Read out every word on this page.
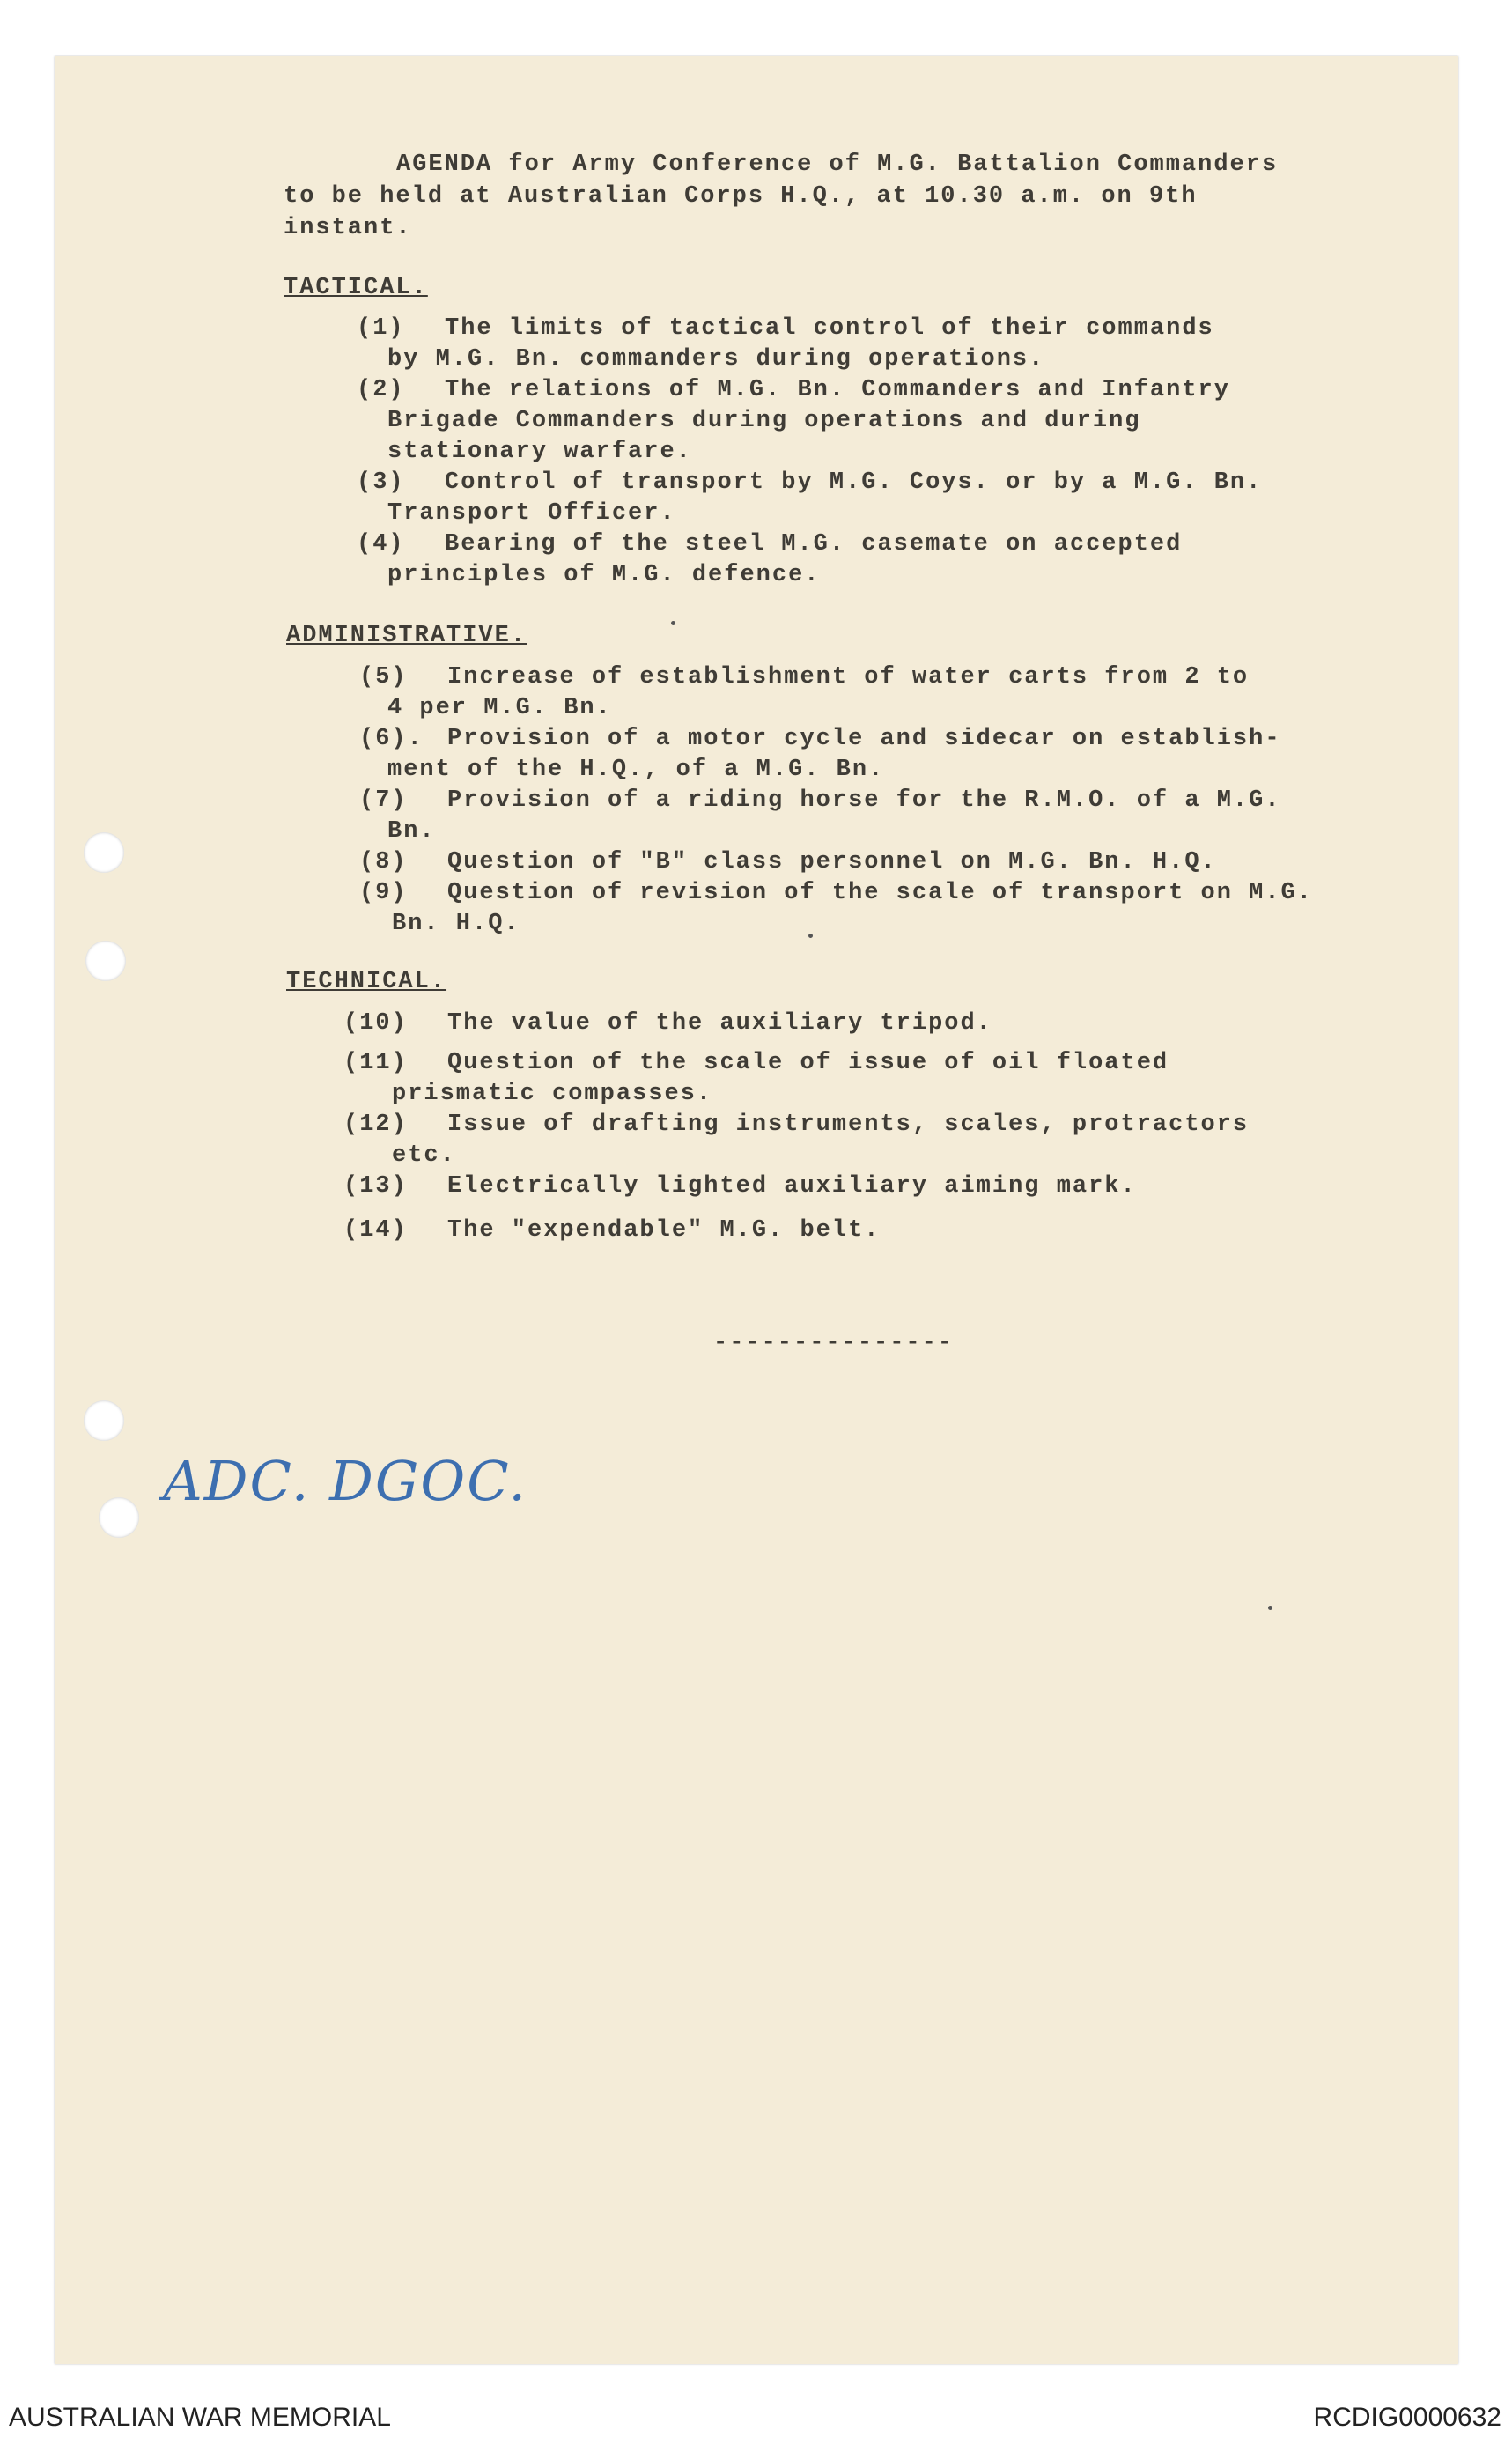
AGENDA for Army Conference of M.G. Battalion Commanders
to be held at Australian Corps H.Q., at 10.30 a.m. on 9th
instant.
TACTICAL.
(1) The limits of tactical control of their commands
by M.G. Bn. commanders during operations.
(2) The relations of M.G. Bn. Commanders and Infantry
Brigade Commanders during operations and during
stationary warfare.
(3) Control of transport by M.G. Coys. or by a M.G. Bn.
Transport Officer.
(4) Bearing of the steel M.G. casemate on accepted
principles of M.G. defence.
ADMINISTRATIVE.
(5) Increase of establishment of water carts from 2 to
4 per M.G. Bn.
(6). Provision of a motor cycle and sidecar on establish-
ment of the H.Q., of a M.G. Bn.
(7) Provision of a riding horse for the R.M.O. of a M.G.
Bn.
(8) Question of "B" class personnel on M.G. Bn. H.Q.
(9) Question of revision of the scale of transport on M.G.
Bn. H.Q.
TECHNICAL.
(10) The value of the auxiliary tripod.
(11) Question of the scale of issue of oil floated
prismatic compasses.
(12) Issue of drafting instruments, scales, protractors
etc.
(13) Electrically lighted auxiliary aiming mark.
(14) The "expendable" M.G. belt.
---------------
ADC. DGOC.
AUSTRALIAN WAR MEMORIAL	RCDIG0000632
